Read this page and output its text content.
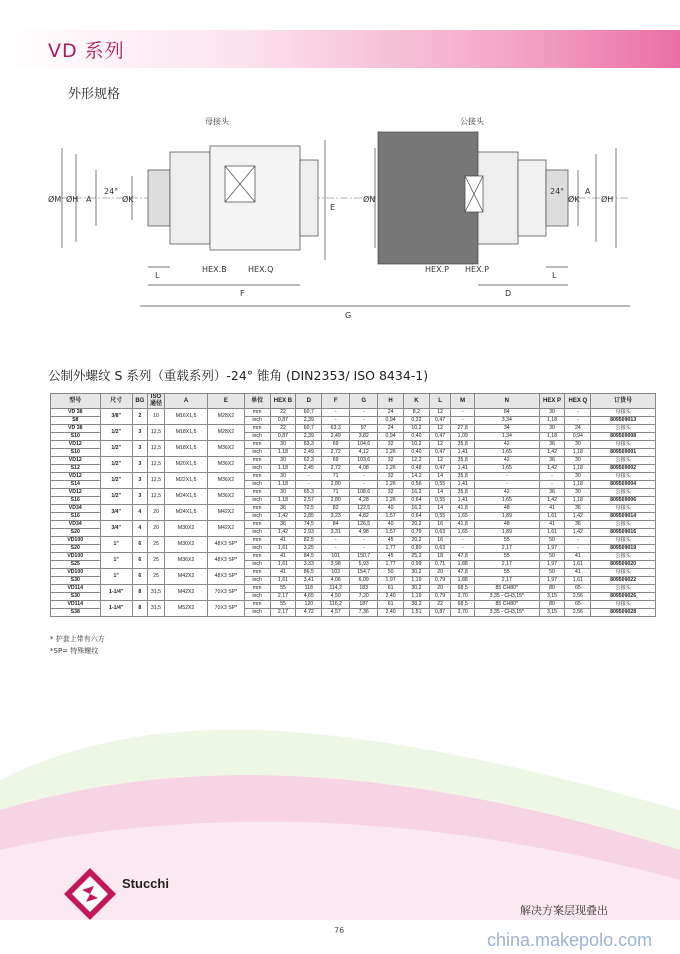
VD 系列
外形规格
母接头	公接头
ØM ØH A	ØK
24°
ØN	ØH
ØK
24°	A
L
HEX.B	HEX.Q
F
E
HEX.P HEX.P
D
L
G
公制外螺纹 S 系列（重载系列）-24° 锥角 (DIN2353/ ISO 8434-1)
型号	尺寸	BG	ISO 通径	A	E	单位	HEX B	D	F	G	H	K	L	M	N	HEX P	HEX Q	订货号
VD 38	3/8"	2	10	M16X1,5	M28X2	mm	22	60,7	-	-	24	8,2	12	-	84	30	-	母接头
S8						inch	0,87	2,39	-	-	0,94	0,32	0,47	-	3,34	1,18	-	809509013
VD 38	1/2"	3	12,5	M18X1,5	M28X2	mm	22	60,7	63,3	97	24	10,2	12	27,8	34	30	24	公接头
S10						inch	0,87	2,39	2,49	3,82	0,94	0,40	0,47	1,09	1,34	1,18	0,94	809509008
VD12	1/2"	3	12,5	M18X1,5	M36X2	mm	30	63,3	69	104,6	32	10,2	12	35,8	42	36	30	母接头
S10						inch	1,18	2,49	2,72	4,12	1,26	0,40	0,47	1,41	1,65	1,42	1,18	809509001
VD12	1/2"	3	12,5	M20X1,5	M36X2	mm	30	62,3	69	103,6	32	12,2	12	35,8	42	36	30	公接头
S12						inch	1,18	2,45	2,72	4,08	1,26	0,48	0,47	1,41	1,65	1,42	1,18	809509002
VD12	1/2"	3	12,5	M22X1,5	M36X2	mm	30	-	71	-	32	14,2	14	35,8	-	-	30	母接头
S14						inch	1,18	-	2,80	-	1,26	0,56	0,55	1,41	-	-	1,18	809509004
VD12	1/2"	3	12,5	M24X1,5	M36X2	mm	30	65,3	71	108,6	32	16,2	14	35,8	42	36	30	公接头
S16						inch	1,18	2,57	2,80	4,28	1,26	0,64	0,55	1,41	1,65	1,42	1,18	809509006
VD34	3/4"	4	20	M24X1,5	M42X2	mm	36	72,5	82	122,5	40	16,2	14	41,8	48	41	36	母接头
S16						inch	1,42	2,85	3,23	4,82	1,57	0,64	0,55	1,65	1,89	1,61	1,42	809509014
VD34	3/4"	4	20	M30X2	M42X2	mm	36	74,5	84	126,5	40	20,2	16	41,8	48	41	36	公接头
S20						inch	1,42	2,93	3,31	4,98	1,57	0,79	0,63	1,65	1,89	1,61	1,42	809509016
VD100	1"	6	25	M30X2	48X3 SP*	mm	41	82,5	-	-	45	20,2	16	-	55	50	-	母接头
S20						inch	1,61	3,25	-	-	1,77	0,80	0,63	-	2,17	1,97	-	809509019
VD100	1"	6	25	M36X2	48X3 SP*	mm	41	84,5	101	150,7	45	25,2	18	47,8	55	50	41	公接头
S25						inch	1,61	3,33	3,98	5,93	1,77	0,99	0,71	1,88	2,17	1,97	1,61	809509020
VD100	1"	6	25	M42X2	48X3 SP*	mm	41	86,5	103	154,7	50	30,2	20	47,8	55	50	41	母接头
S30						inch	1,61	3,41	4,06	6,09	1,97	1,19	0,79	1,88	2,17	1,97	1,61	809509022
VD114	1-1/4"	8	31,5	M42X2	70X3 SP*	mm	55	118	114,2	183	61	30,2	20	68,5	85 CH80*	80	65	公接头
S30						inch	2,17	4,65	4,50	7,20	2,40	1,19	0,79	2,70	3,35 - CH3,15*	3,15	2,56	809509026
VD114	1-1/4"	8	31,5	M52X2	70X3 SP*	mm	55	120	116,2	187	61	38,2	22	68,5	85 CH80*	80	65	母接头
S38						inch	2,17	4,72	4,57	7,36	2,40	1,51	0,87	2,70	3,35 - CH3,15*	3,15	2,56	809509028
* 护套上带有六方
*SP= 特殊螺纹
Stucchi
解决方案层现叠出
76	china.makepolo.com
